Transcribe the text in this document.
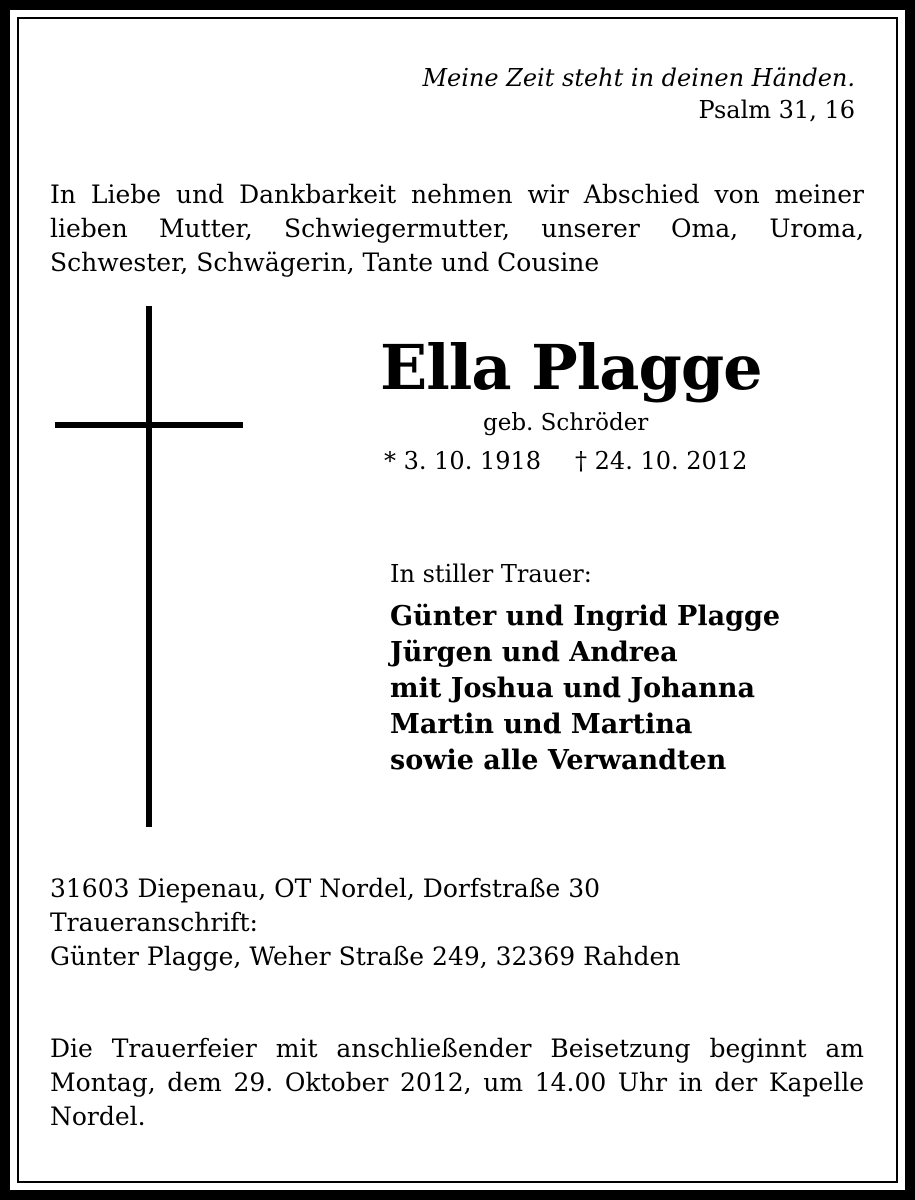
Meine Zeit steht in deinen Händen.
Psalm 31, 16
In Liebe und Dankbarkeit nehmen wir Abschied von meiner lieben Mutter, Schwiegermutter, unserer Oma, Uroma, Schwester, Schwägerin, Tante und Cousine
Ella Plagge
geb. Schröder
* 3. 10. 1918 † 24. 10. 2012
In stiller Trauer:
Günter und Ingrid Plagge
Jürgen und Andrea
mit Joshua und Johanna
Martin und Martina
sowie alle Verwandten
31603 Diepenau, OT Nordel, Dorfstraße 30
Traueranschrift:
Günter Plagge, Weher Straße 249, 32369 Rahden
Die Trauerfeier mit anschließender Beisetzung beginnt am Montag, dem 29. Oktober 2012, um 14.00 Uhr in der Kapelle Nordel.
